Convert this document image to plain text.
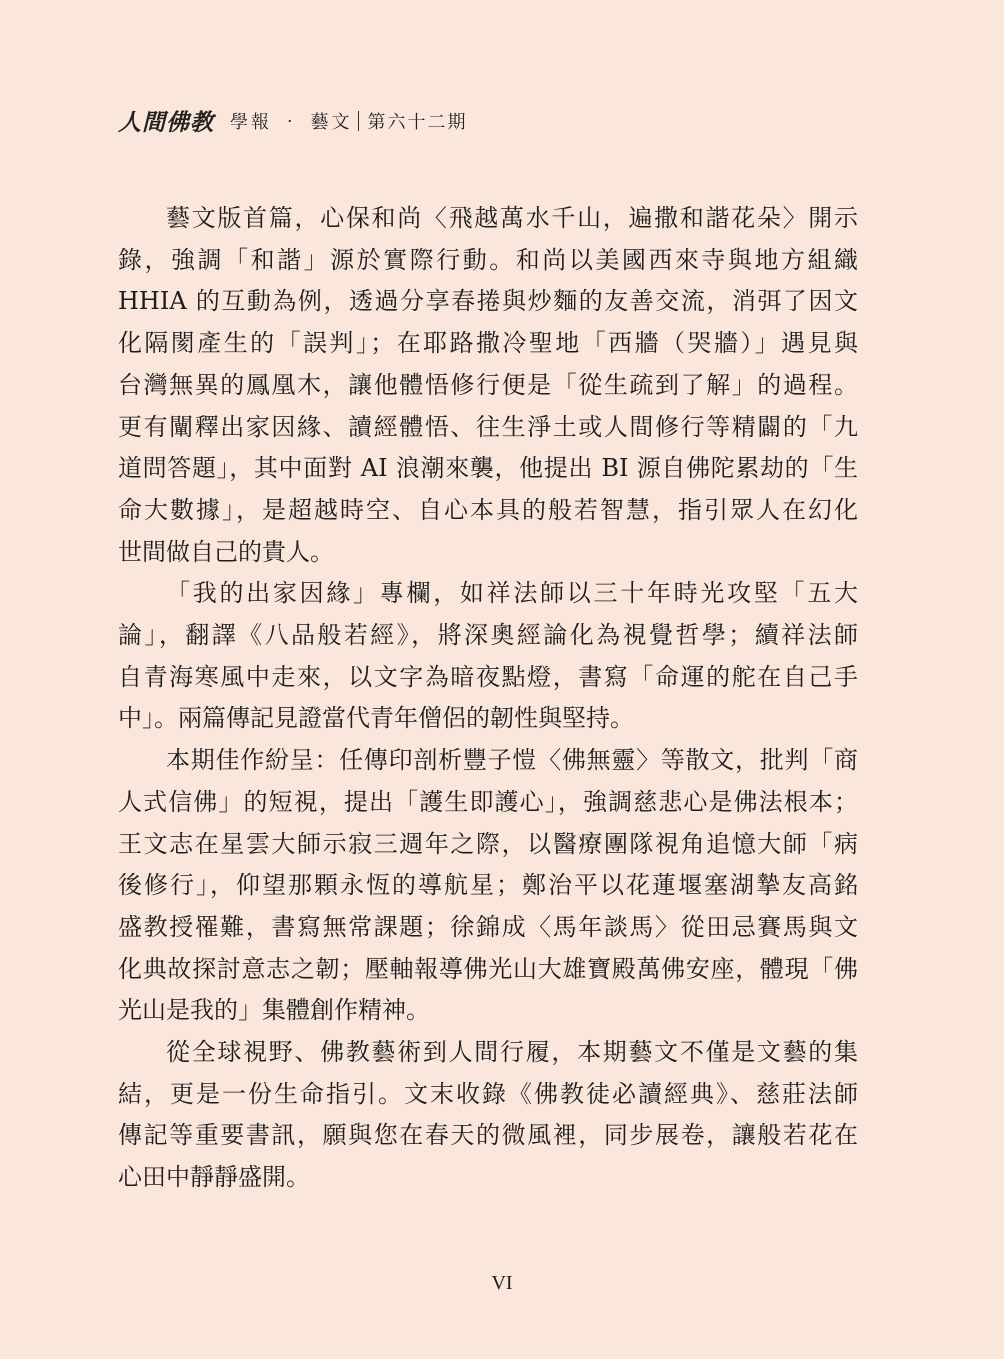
人間佛教 學報 ‧ 藝文 第六十二期

藝文版首篇，心保和尚〈飛越萬水千山，遍撒和諧花朵〉開示

錄，強調「和諧」源於實際行動。和尚以美國西來寺與地方組織

HHIA 的互動為例，透過分享春捲與炒麵的友善交流，消弭了因文

化隔閡產生的「誤判」；在耶路撒冷聖地「西牆（哭牆）」遇見與

台灣無異的鳳凰木，讓他體悟修行便是「從生疏到了解」的過程。

更有闡釋出家因緣、讀經體悟、往生淨土或人間修行等精闢的「九

道問答題」，其中面對 AI 浪潮來襲，他提出 BI 源自佛陀累劫的「生

命大數據」，是超越時空、自心本具的般若智慧，指引眾人在幻化

世間做自己的貴人。

「我的出家因緣」專欄，如祥法師以三十年時光攻堅「五大

論」，翻譯《八品般若經》，將深奧經論化為視覺哲學；續祥法師

自青海寒風中走來，以文字為暗夜點燈，書寫「命運的舵在自己手

中」。兩篇傳記見證當代青年僧侶的韌性與堅持。

本期佳作紛呈：任傳印剖析豐子愷〈佛無靈〉等散文，批判「商

人式信佛」的短視，提出「護生即護心」，強調慈悲心是佛法根本；

王文志在星雲大師示寂三週年之際，以醫療團隊視角追憶大師「病

後修行」，仰望那顆永恆的導航星；鄭治平以花蓮堰塞湖摯友高銘

盛教授罹難，書寫無常課題；徐錦成〈馬年談馬〉從田忌賽馬與文

化典故探討意志之韌；壓軸報導佛光山大雄寶殿萬佛安座，體現「佛

光山是我的」集體創作精神。

從全球視野、佛教藝術到人間行履，本期藝文不僅是文藝的集

結，更是一份生命指引。文末收錄《佛教徒必讀經典》、慈莊法師

傳記等重要書訊，願與您在春天的微風裡，同步展卷，讓般若花在

心田中靜靜盛開。

VI
